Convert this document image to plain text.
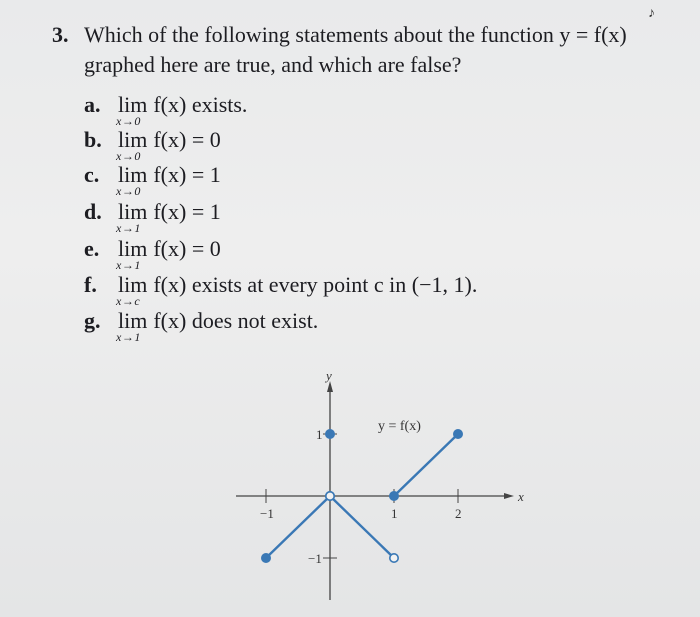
♪
3. Which of the following statements about the function y = f(x)
graphed here are true, and which are false?
a. lim
x→0
f(x) exists.
b. lim
x→0
f(x) = 0
c. lim
x→0
f(x) = 1
d. lim
x→1
f(x) = 1
e. lim
x→1
f(x) = 0
f. lim
x→c
f(x) exists at every point c in (−1, 1).
g. lim
x→1
f(x) does not exist.
−1	1	2
1
−1
y
x
y = f(x)
